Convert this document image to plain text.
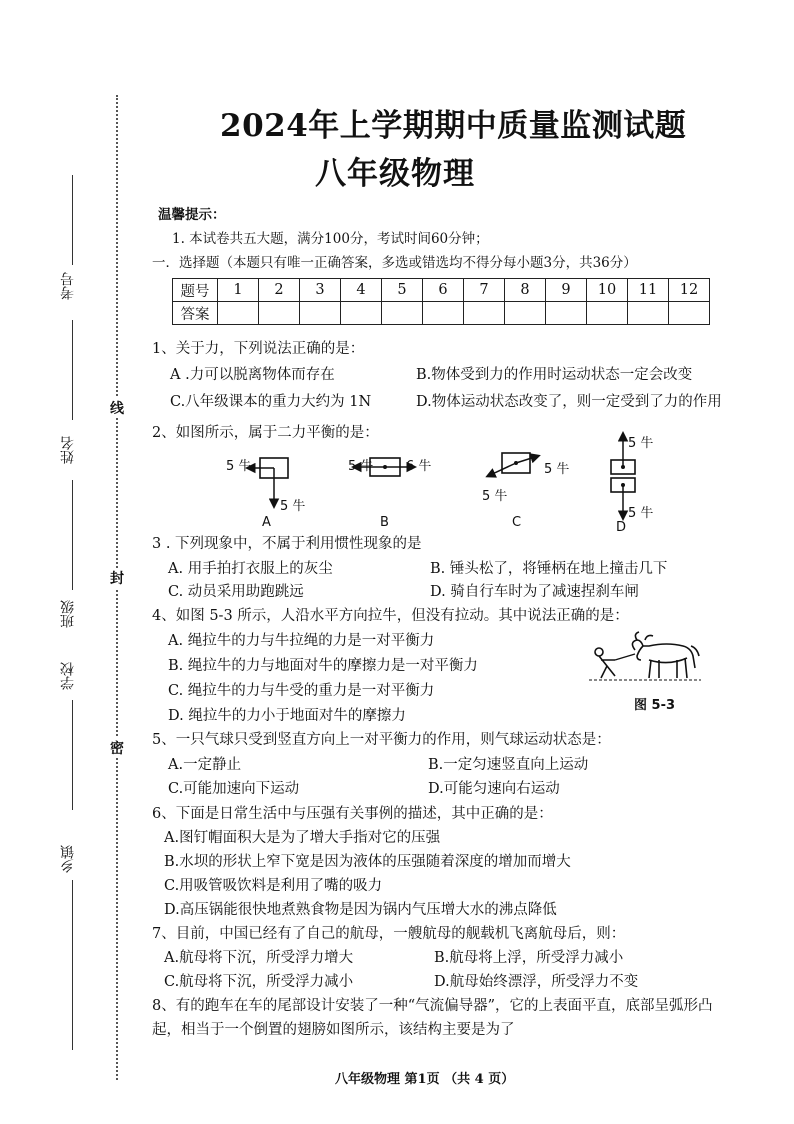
考号
姓名
班级
学校
乡镇
线
封
密
2024年上学期期中质量监测试题
八年级物理
温馨提示：
1. 本试卷共五大题，满分100分，考试时间60分钟；
一．选择题（本题只有唯一正确答案，多选或错选均不得分每小题3分，共36分）
题号	1	2	3	4	5	6	7	8	9	10	11	12
答案												
1、关于力，下列说法正确的是：
A .力可以脱离物体而存在	B.物体受到力的作用时运动状态一定会改变
C.八年级课本的重力大约为 1N	D.物体运动状态改变了，则一定受到了力的作用
2、如图所示，属于二力平衡的是：
5 牛
5 牛
A
5 牛	6 牛
B
5 牛
5 牛
C
5 牛
5 牛
D
3 . 下列现象中，不属于利用惯性现象的是
A. 用手拍打衣服上的灰尘	B. 锤头松了，将锤柄在地上撞击几下
C. 动员采用助跑跳远	D. 骑自行车时为了减速捏刹车闸
4、如图 5-3 所示，人沿水平方向拉牛，但没有拉动。其中说法正确的是：
A. 绳拉牛的力与牛拉绳的力是一对平衡力
B. 绳拉牛的力与地面对牛的摩擦力是一对平衡力
C. 绳拉牛的力与牛受的重力是一对平衡力
D. 绳拉牛的力小于地面对牛的摩擦力
图 5-3
5、一只气球只受到竖直方向上一对平衡力的作用，则气球运动状态是：
A.一定静止	B.一定匀速竖直向上运动
C.可能加速向下运动	D.可能匀速向右运动
6、下面是日常生活中与压强有关事例的描述，其中正确的是：
A.图钉帽面积大是为了增大手指对它的压强
B.水坝的形状上窄下宽是因为液体的压强随着深度的增加而增大
C.用吸管吸饮料是利用了嘴的吸力
D.高压锅能很快地煮熟食物是因为锅内气压增大水的沸点降低
7、目前，中国已经有了自己的航母，一艘航母的舰载机飞离航母后，则：
A.航母将下沉，所受浮力增大	B.航母将上浮，所受浮力减小
C.航母将下沉，所受浮力减小	D.航母始终漂浮，所受浮力不变
8、有的跑车在车的尾部设计安装了一种“气流偏导器”，它的上表面平直，底部呈弧形凸
起，相当于一个倒置的翅膀如图所示，该结构主要是为了
八年级物理 第1页 （共 4 页）
